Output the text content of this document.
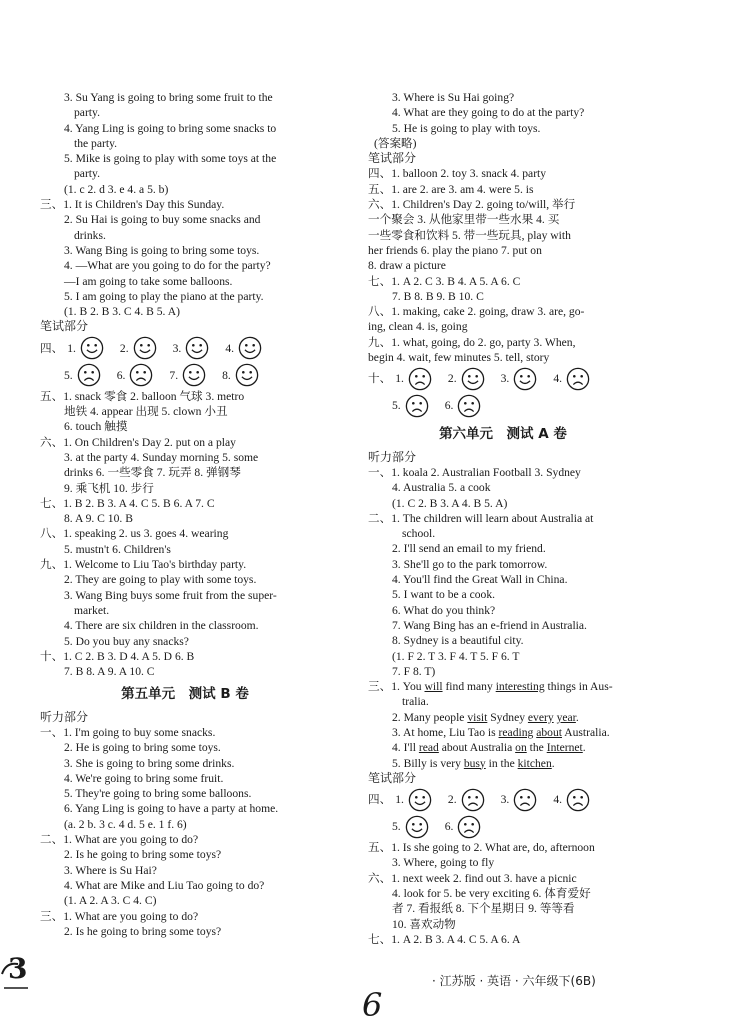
3. Su Yang is going to bring some fruit to the
party.
4. Yang Ling is going to bring some snacks to
the party.
5. Mike is going to play with some toys at the
party.
(1. c 2. d 3. e 4. a 5. b)
三、1. It is Children's Day this Sunday.
2. Su Hai is going to buy some snacks and
drinks.
3. Wang Bing is going to bring some toys.
4. —What are you going to do for the party?
—I am going to take some balloons.
5. I am going to play the piano at the party.
(1. B 2. B 3. C 4. B 5. A)
笔试部分
四、 1.	2.	3.	4.
5.	6.	7.	8.
五、1. snack 零食 2. balloon 气球 3. metro
地铁 4. appear 出现 5. clown 小丑
6. touch 触摸
六、1. On Children's Day 2. put on a play
3. at the party 4. Sunday morning 5. some
drinks 6. 一些零食 7. 玩弄 8. 弹钢琴
9. 乘飞机 10. 步行
七、1. B 2. B 3. A 4. C 5. B 6. A 7. C
8. A 9. C 10. B
八、1. speaking 2. us 3. goes 4. wearing
5. mustn't 6. Children's
九、1. Welcome to Liu Tao's birthday party.
2. They are going to play with some toys.
3. Wang Bing buys some fruit from the super-
market.
4. There are six children in the classroom.
5. Do you buy any snacks?
十、1. C 2. B 3. D 4. A 5. D 6. B
7. B 8. A 9. A 10. C
第五单元　测试 B 卷
听力部分
一、1. I'm going to buy some snacks.
2. He is going to bring some toys.
3. She is going to bring some drinks.
4. We're going to bring some fruit.
5. They're going to bring some balloons.
6. Yang Ling is going to have a party at home.
(a. 2 b. 3 c. 4 d. 5 e. 1 f. 6)
二、1. What are you going to do?
2. Is he going to bring some toys?
3. Where is Su Hai?
4. What are Mike and Liu Tao going to do?
(1. A 2. A 3. C 4. C)
三、1. What are you going to do?
2. Is he going to bring some toys?
3. Where is Su Hai going?
4. What are they going to do at the party?
5. He is going to play with toys.
(答案略)
笔试部分
四、1. balloon 2. toy 3. snack 4. party
五、1. are 2. are 3. am 4. were 5. is
六、1. Children's Day 2. going to/will, 举行
一个聚会 3. 从他家里带一些水果 4. 买
一些零食和饮料 5. 带一些玩具, play with
her friends 6. play the piano 7. put on
8. draw a picture
七、1. A 2. C 3. B 4. A 5. A 6. C
7. B 8. B 9. B 10. C
八、1. making, cake 2. going, draw 3. are, go-
ing, clean 4. is, going
九、1. what, going, do 2. go, party 3. When,
begin 4. wait, few minutes 5. tell, story
十、 1.	2.	3.	4.
5.	6.
第六单元　测试 A 卷
听力部分
一、1. koala 2. Australian Football 3. Sydney
4. Australia 5. a cook
(1. C 2. B 3. A 4. B 5. A)
二、1. The children will learn about Australia at
school.
2. I'll send an email to my friend.
3. She'll go to the park tomorrow.
4. You'll find the Great Wall in China.
5. I want to be a cook.
6. What do you think?
7. Wang Bing has an e-friend in Australia.
8. Sydney is a beautiful city.
(1. F 2. T 3. F 4. T 5. F 6. T
7. F 8. T)
三、1. You will find many interesting things in Aus-
tralia.
2. Many people visit Sydney every year.
3. At home, Liu Tao is reading about Australia.
4. I'll read about Australia on the Internet.
5. Billy is very busy in the kitchen.
笔试部分
四、 1.	2.	3.	4.
5.	6.
五、1. Is she going to 2. What are, do, afternoon
3. Where, going to fly
六、1. next week 2. find out 3. have a picnic
4. look for 5. be very exciting 6. 体育爱好
者 7. 看报纸 8. 下个星期日 9. 等等看
10. 喜欢动物
七、1. A 2. B 3. A 4. C 5. A 6. A
3	· 江苏版 · 英语 · 六年级下(6B)
6
